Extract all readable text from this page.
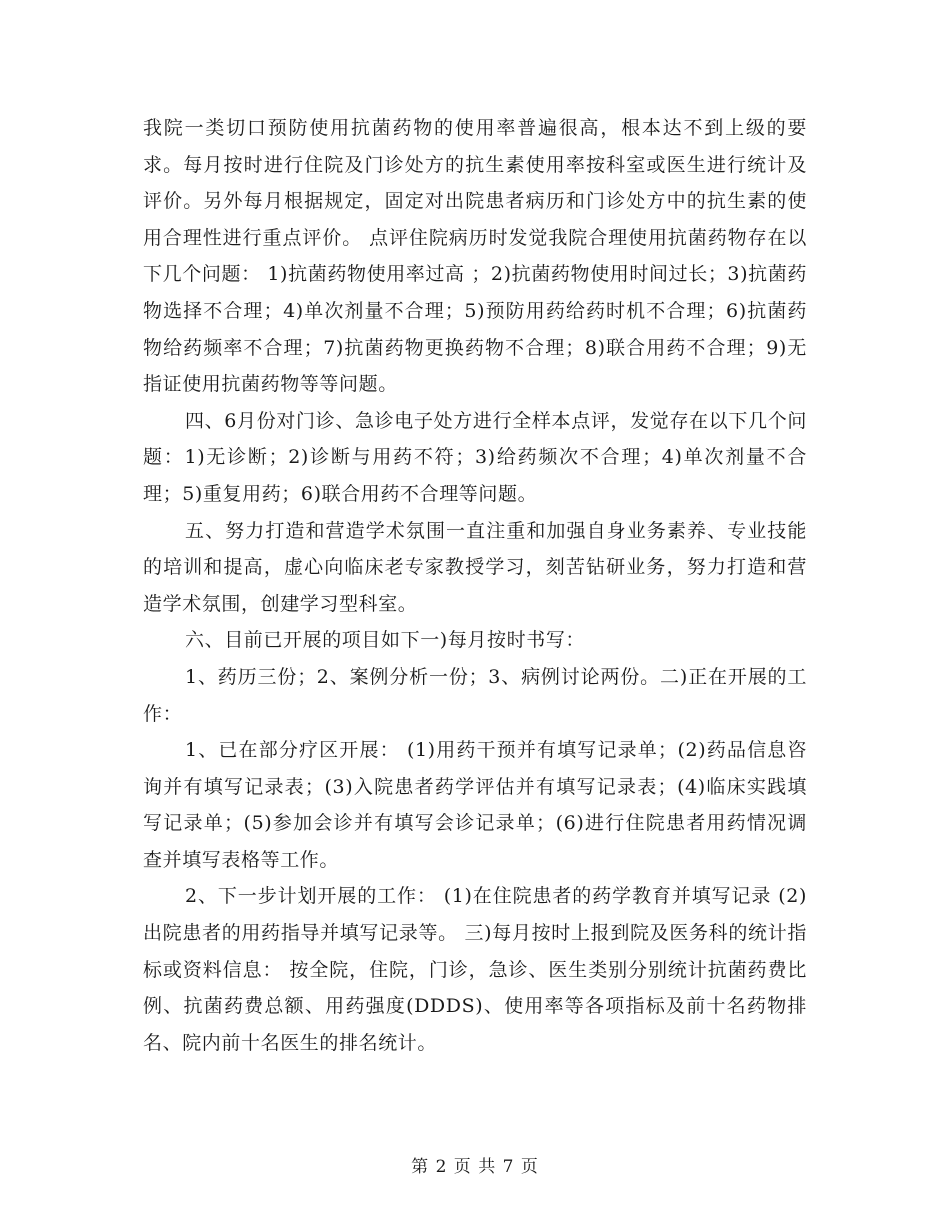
我院一类切口预防使用抗菌药物的使用率普遍很高，根本达不到上级的要求。每月按时进行住院及门诊处方的抗生素使用率按科室或医生进行统计及评价。另外每月根据规定，固定对出院患者病历和门诊处方中的抗生素的使用合理性进行重点评价。 点评住院病历时发觉我院合理使用抗菌药物存在以下几个问题： 1)抗菌药物使用率过高 ；2)抗菌药物使用时间过长；3)抗菌药物选择不合理；4)单次剂量不合理；5)预防用药给药时机不合理；6)抗菌药物给药频率不合理；7)抗菌药物更换药物不合理；8)联合用药不合理；9)无指证使用抗菌药物等等问题。

四、6月份对门诊、急诊电子处方进行全样本点评，发觉存在以下几个问题：1)无诊断；2)诊断与用药不符；3)给药频次不合理；4)单次剂量不合理；5)重复用药；6)联合用药不合理等问题。

五、努力打造和营造学术氛围一直注重和加强自身业务素养、专业技能的培训和提高，虚心向临床老专家教授学习，刻苦钻研业务，努力打造和营造学术氛围，创建学习型科室。

六、目前已开展的项目如下一)每月按时书写：

1、药历三份；2、案例分析一份；3、病例讨论两份。二)正在开展的工作：

1、已在部分疗区开展： (1)用药干预并有填写记录单；(2)药品信息咨询并有填写记录表；(3)入院患者药学评估并有填写记录表；(4)临床实践填写记录单；(5)参加会诊并有填写会诊记录单；(6)进行住院患者用药情况调查并填写表格等工作。

2、下一步计划开展的工作： (1)在住院患者的药学教育并填写记录 (2)出院患者的用药指导并填写记录等。 三)每月按时上报到院及医务科的统计指标或资料信息： 按全院，住院，门诊，急诊、医生类别分别统计抗菌药费比例、抗菌药费总额、用药强度(DDDS)、使用率等各项指标及前十名药物排名、院内前十名医生的排名统计。

第 2 页 共 7 页
